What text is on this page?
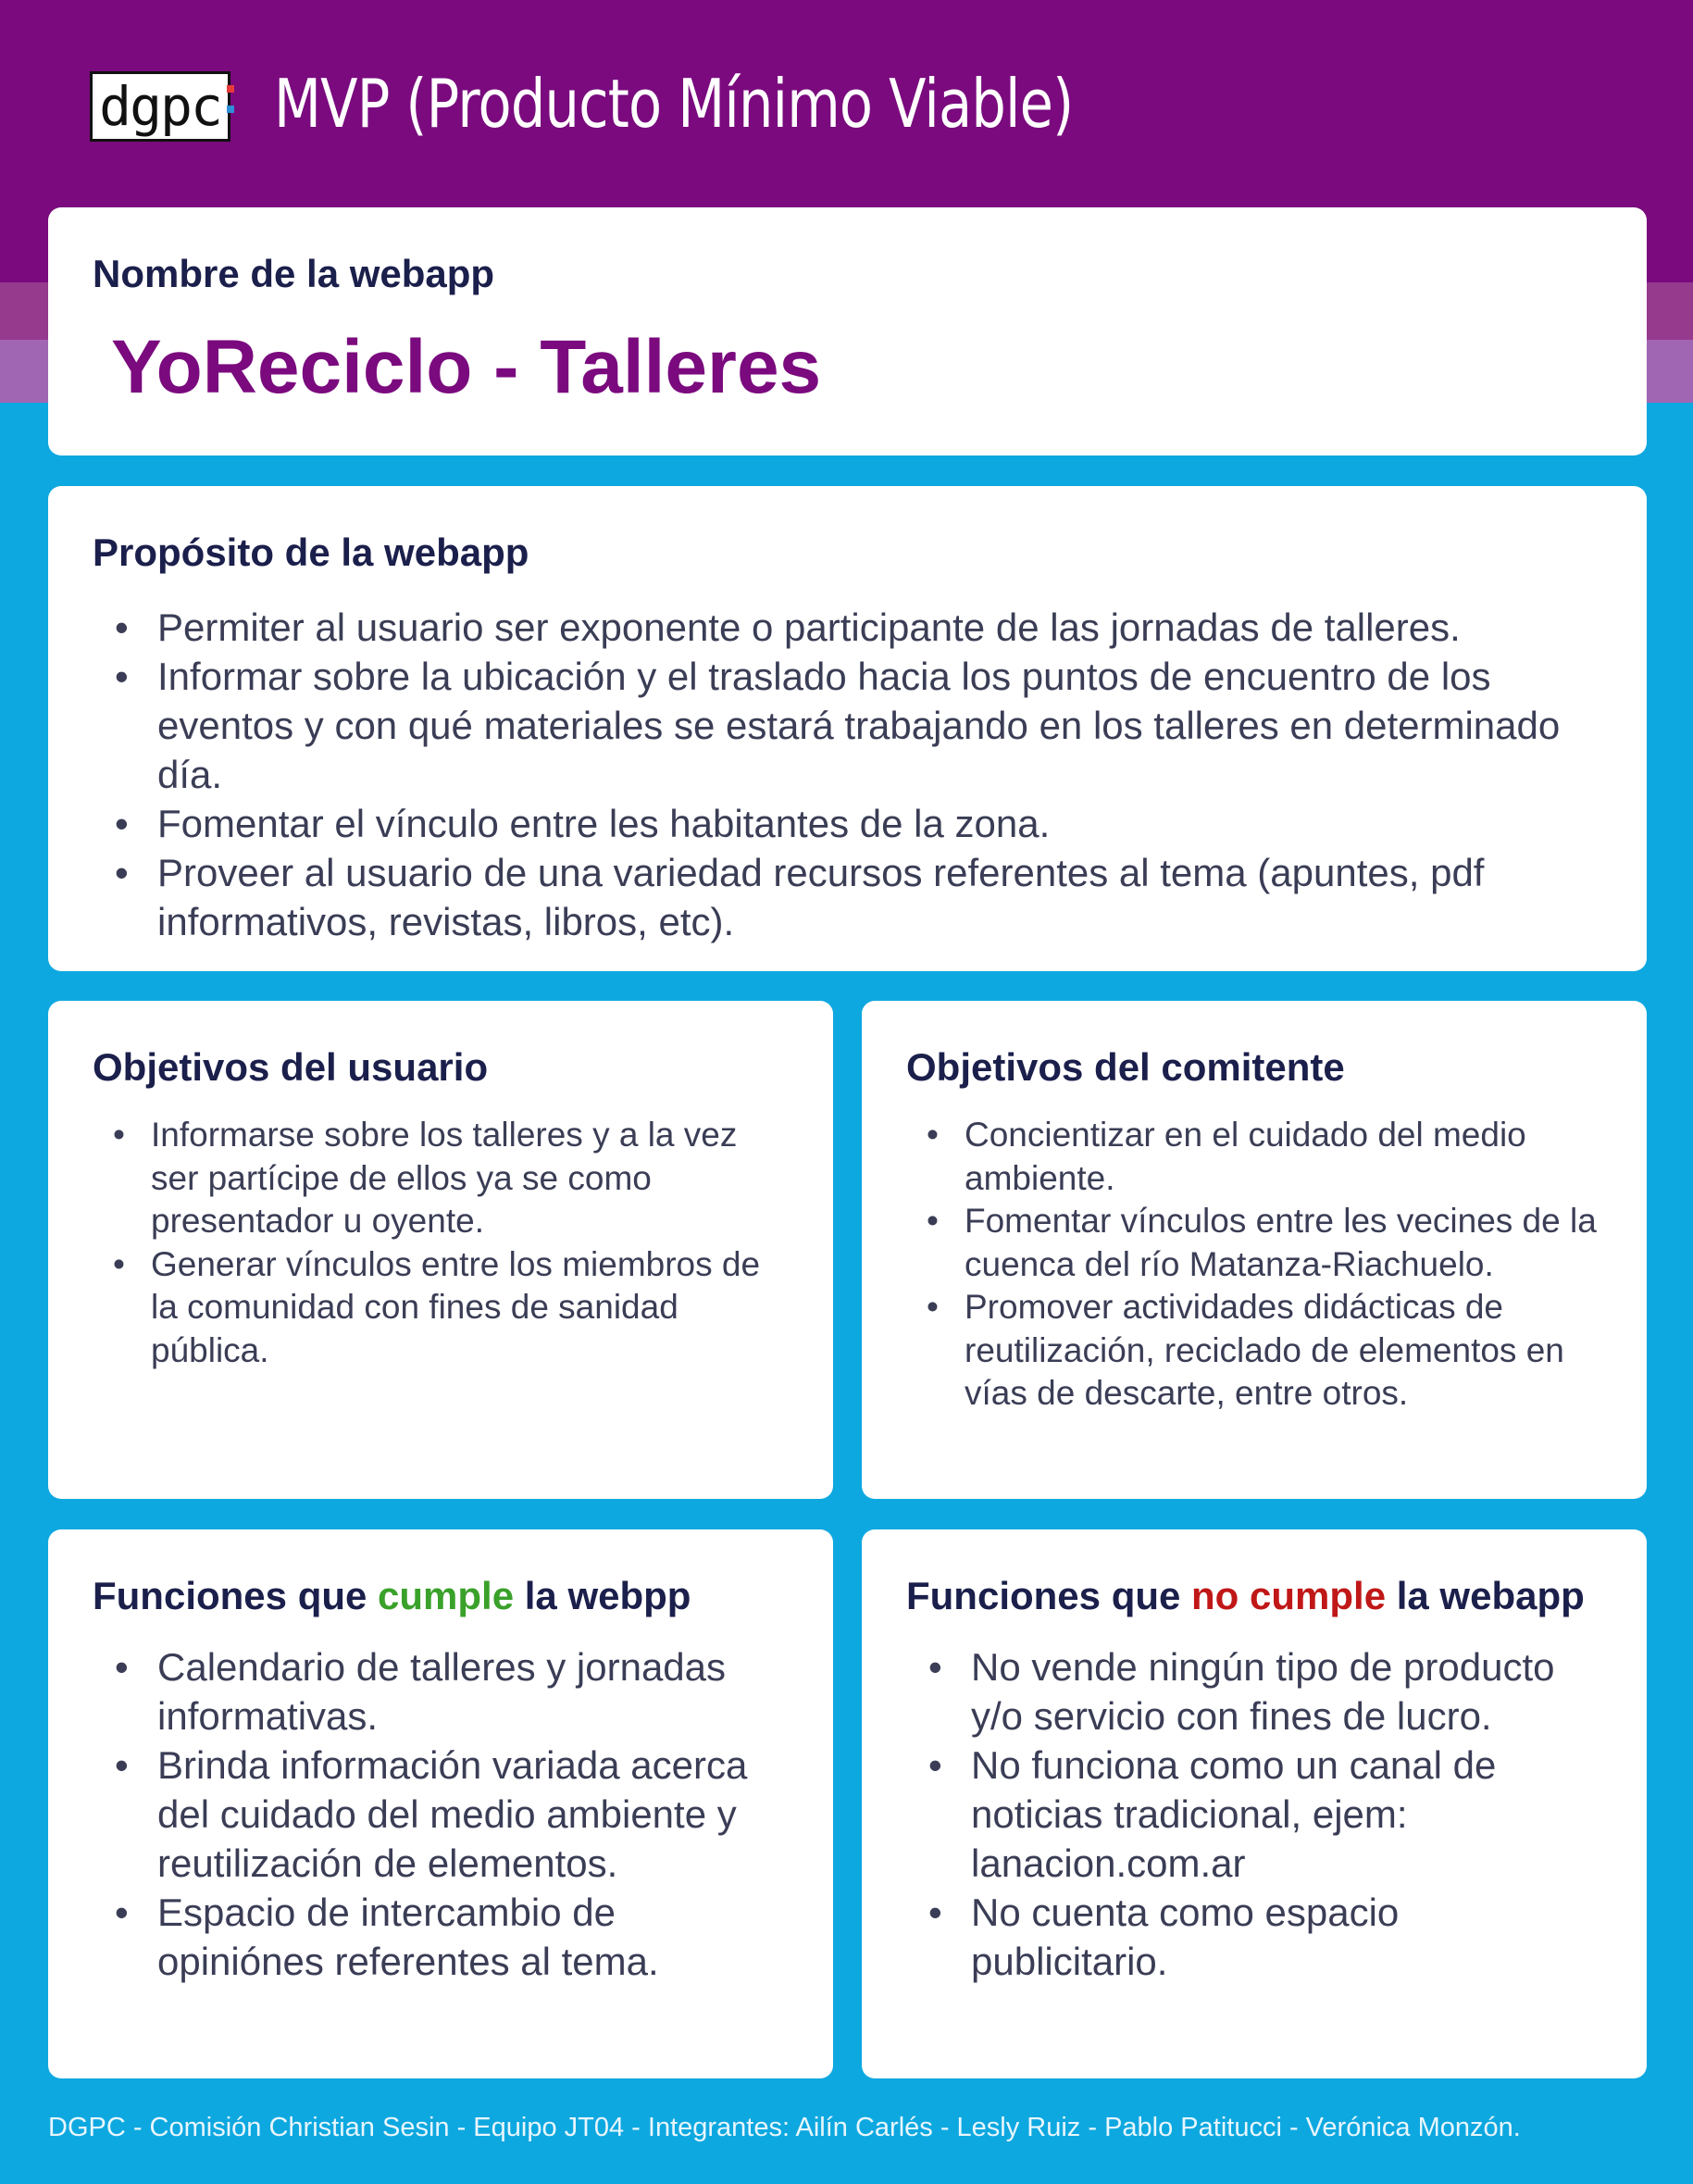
dgpc MVP (Producto Mínimo Viable)
Nombre de la webapp
YoReciclo - Talleres
Propósito de la webapp
• Permiter al usuario ser exponente o participante de las jornadas de talleres.
• Informar sobre la ubicación y el traslado hacia los puntos de encuentro de los eventos y con qué materiales se estará trabajando en los talleres en determinado día.
• Fomentar el vínculo entre les habitantes de la zona.
• Proveer al usuario de una variedad recursos referentes al tema (apuntes, pdf informativos, revistas, libros, etc).
Objetivos del usuario
• Informarse sobre los talleres y a la vez ser partícipe de ellos ya se como presentador u oyente.
• Generar vínculos entre los miembros de la comunidad con fines de sanidad pública.
Objetivos del comitente
• Concientizar en el cuidado del medio ambiente.
• Fomentar vínculos entre les vecines de la cuenca del río Matanza-Riachuelo.
• Promover actividades didácticas de reutilización, reciclado de elementos en vías de descarte, entre otros.
Funciones que cumple la webpp
• Calendario de talleres y jornadas informativas.
• Brinda información variada acerca del cuidado del medio ambiente y reutilización de elementos.
• Espacio de intercambio de opiniónes referentes al tema.
Funciones que no cumple la webapp
• No vende ningún tipo de producto y/o servicio con fines de lucro.
• No funciona como un canal de noticias tradicional, ejem: lanacion.com.ar
• No cuenta como espacio publicitario.
DGPC - Comisión Christian Sesin - Equipo JT04 - Integrantes: Ailín Carlés - Lesly Ruiz - Pablo Patitucci - Verónica Monzón.
